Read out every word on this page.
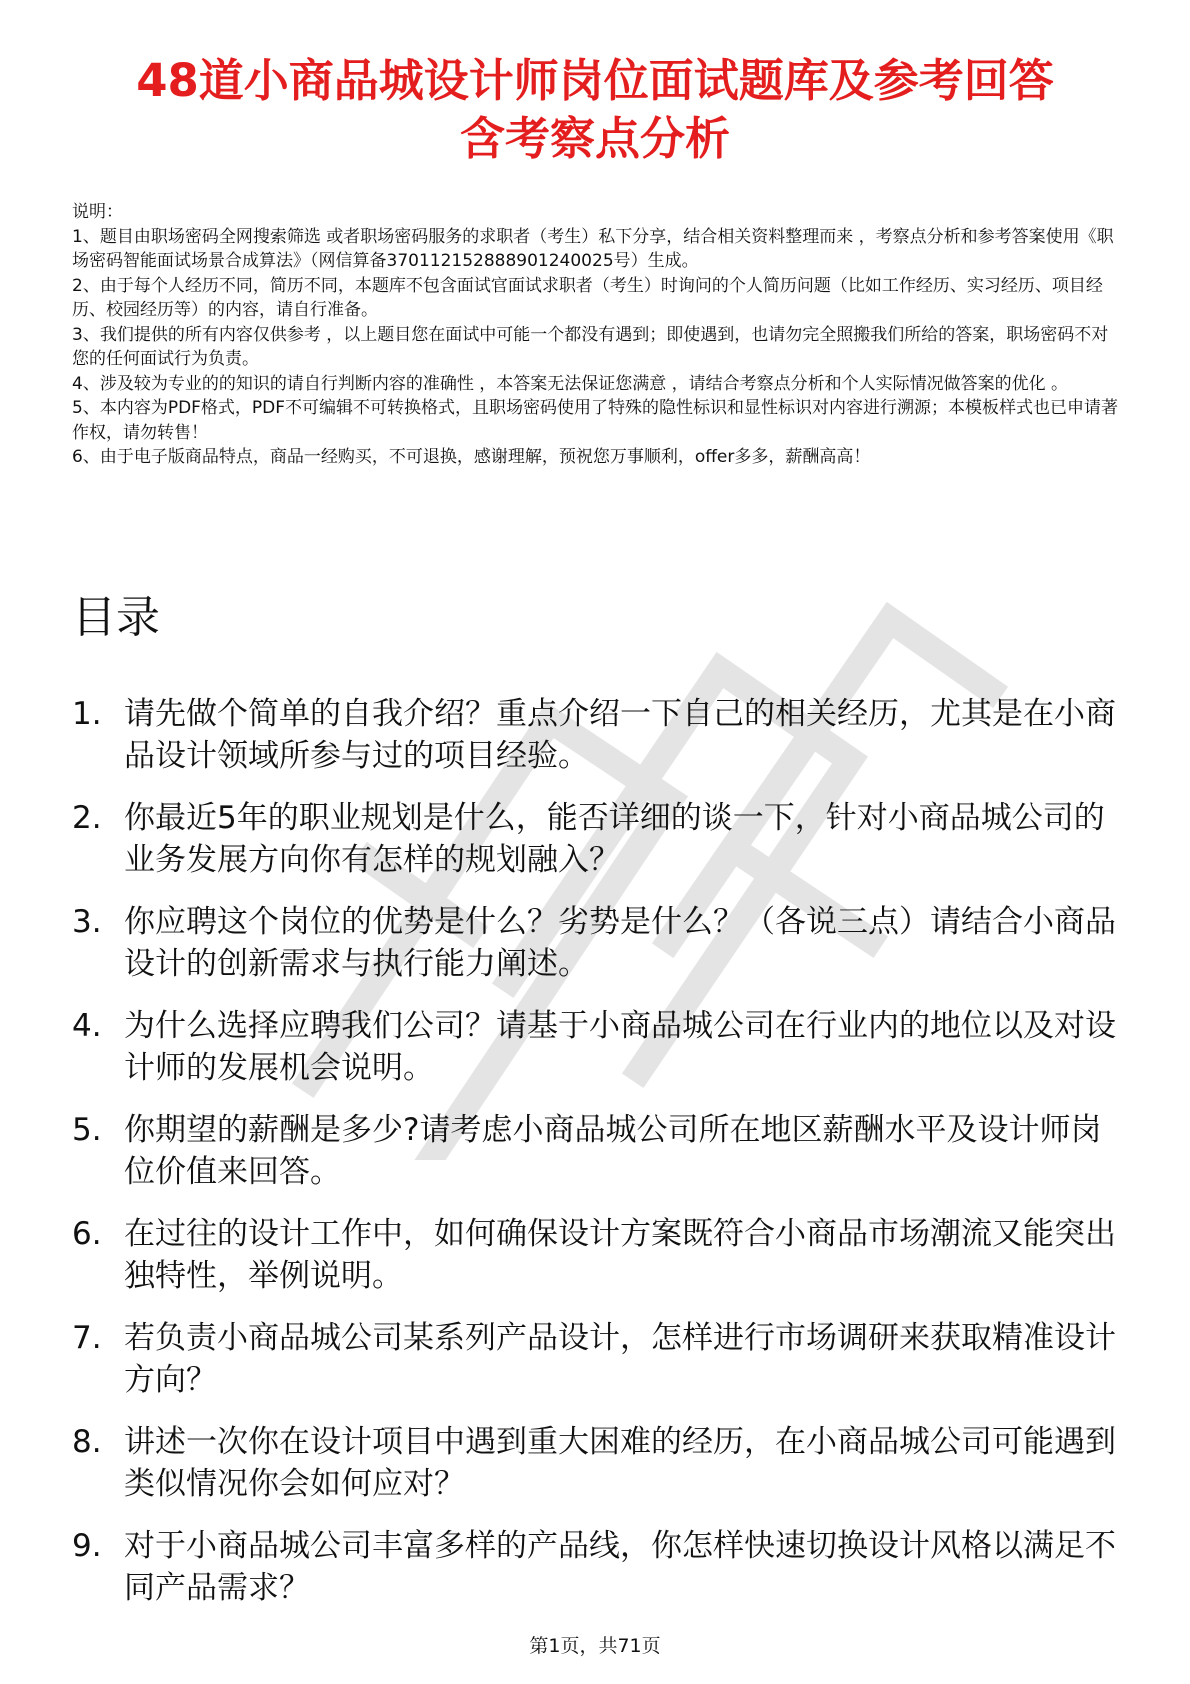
48道小商品城设计师岗位面试题库及参考回答
含考察点分析

说明：

1、题目由职场密码全网搜索筛选 或者职场密码服务的求职者（考生）私下分享，结合相关资料整理而来 ，考察点分析和参考答案使用《职场密码智能面试场景合成算法》（网信算备370112152888901240025号）生成。

2、由于每个人经历不同，简历不同，本题库不包含面试官面试求职者（考生）时询问的个人简历问题（比如工作经历、实习经历、项目经历、校园经历等）的内容，请自行准备。

3、我们提供的所有内容仅供参考 ，以上题目您在面试中可能一个都没有遇到；即使遇到，也请勿完全照搬我们所给的答案，职场密码不对您的任何面试行为负责。

4、涉及较为专业的的知识的请自行判断内容的准确性 ，本答案无法保证您满意 ，请结合考察点分析和个人实际情况做答案的优化 。

5、本内容为PDF格式，PDF不可编辑不可转换格式，且职场密码使用了特殊的隐性标识和显性标识对内容进行溯源；本模板样式也已申请著作权，请勿转售！

6、由于电子版商品特点，商品一经购买，不可退换，感谢理解，预祝您万事顺利，offer多多，薪酬高高！

目录
1. 请先做个简单的自我介绍？重点介绍一下自己的相关经历，尤其是在小商品设计领域所参与过的项目经验。
2. 你最近5年的职业规划是什么，能否详细的谈一下，针对小商品城公司的业务发展方向你有怎样的规划融入？
3. 你应聘这个岗位的优势是什么？劣势是什么？（各说三点）请结合小商品设计的创新需求与执行能力阐述。
4. 为什么选择应聘我们公司？请基于小商品城公司在行业内的地位以及对设计师的发展机会说明。
5. 你期望的薪酬是多少?请考虑小商品城公司所在地区薪酬水平及设计师岗位价值来回答。
6. 在过往的设计工作中，如何确保设计方案既符合小商品市场潮流又能突出独特性，举例说明。
7. 若负责小商品城公司某系列产品设计，怎样进行市场调研来获取精准设计方向？
8. 讲述一次你在设计项目中遇到重大困难的经历，在小商品城公司可能遇到类似情况你会如何应对？
9. 对于小商品城公司丰富多样的产品线，你怎样快速切换设计风格以满足不同产品需求？
第1页，共71页
